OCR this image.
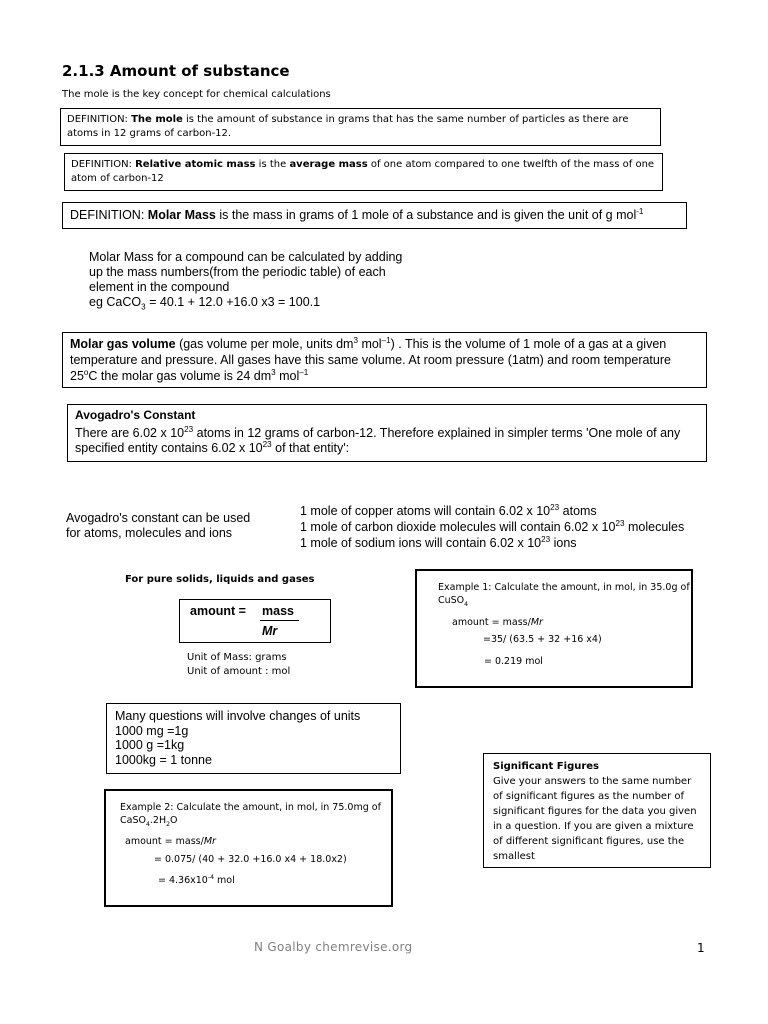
2.1.3 Amount of substance
The mole is the key concept for chemical calculations
DEFINITION: The mole is the amount of substance in grams that has the same number of particles as there are atoms in 12 grams of carbon-12.
DEFINITION: Relative atomic mass is the average mass of one atom compared to one twelfth of the mass of one atom of carbon-12
DEFINITION: Molar Mass is the mass in grams of 1 mole of a substance and is given the unit of g mol$^{-1}$
Molar Mass for a compound can be calculated by adding
up the mass numbers(from the periodic table) of each
element in the compound
eg CaCO$_3$ = 40.1 + 12.0 +16.0 x3 = 100.1
Molar gas volume (gas volume per mole, units $dm^3$ mol$^{-1}$) . This is the volume of 1 mole of a gas at a given temperature and pressure. All gases have this same volume. At room pressure (1atm) and room temperature 25$^o$C the molar gas volume is 24 $dm^3$ mol$^{-1}$
Avogadro's Constant
There are 6.02 x $10^{23}$ atoms in 12 grams of carbon-12. Therefore explained in simpler terms 'One mole of any specified entity contains 6.02 x $10^{23}$ of that entity':
Avogadro's constant can be used
for atoms, molecules and ions
1 mole of copper atoms will contain 6.02 x $10^{23}$ atoms
1 mole of carbon dioxide molecules will contain 6.02 x $10^{23}$ molecules
1 mole of sodium ions will contain 6.02 x $10^{23}$ ions
For pure solids, liquids and gases
amount = mass
Mr
Unit of Mass: grams
Unit of amount : mol
Example 1: Calculate the amount, in mol, in 35.0g of CuSO$_4$
amount = mass/Mr
=35/ (63.5 + 32 +16 x4)
= 0.219 mol
Many questions will involve changes of units
1000 mg =1g
1000 g =1kg
1000kg = 1 tonne	Significant Figures
Give your answers to the same number of significant figures as the number of significant figures for the data you given in a question. If you are given a mixture of different significant figures, use the smallest
Example 2: Calculate the amount, in mol, in 75.0mg of
$CaSO_4.2H_2O$
amount = mass/Mr
= 0.075/ (40 + 32.0 +16.0 x4 + 18.0x2)
= $4.36x10^{-4}$ mol
N Goalby chemrevise.org	1
